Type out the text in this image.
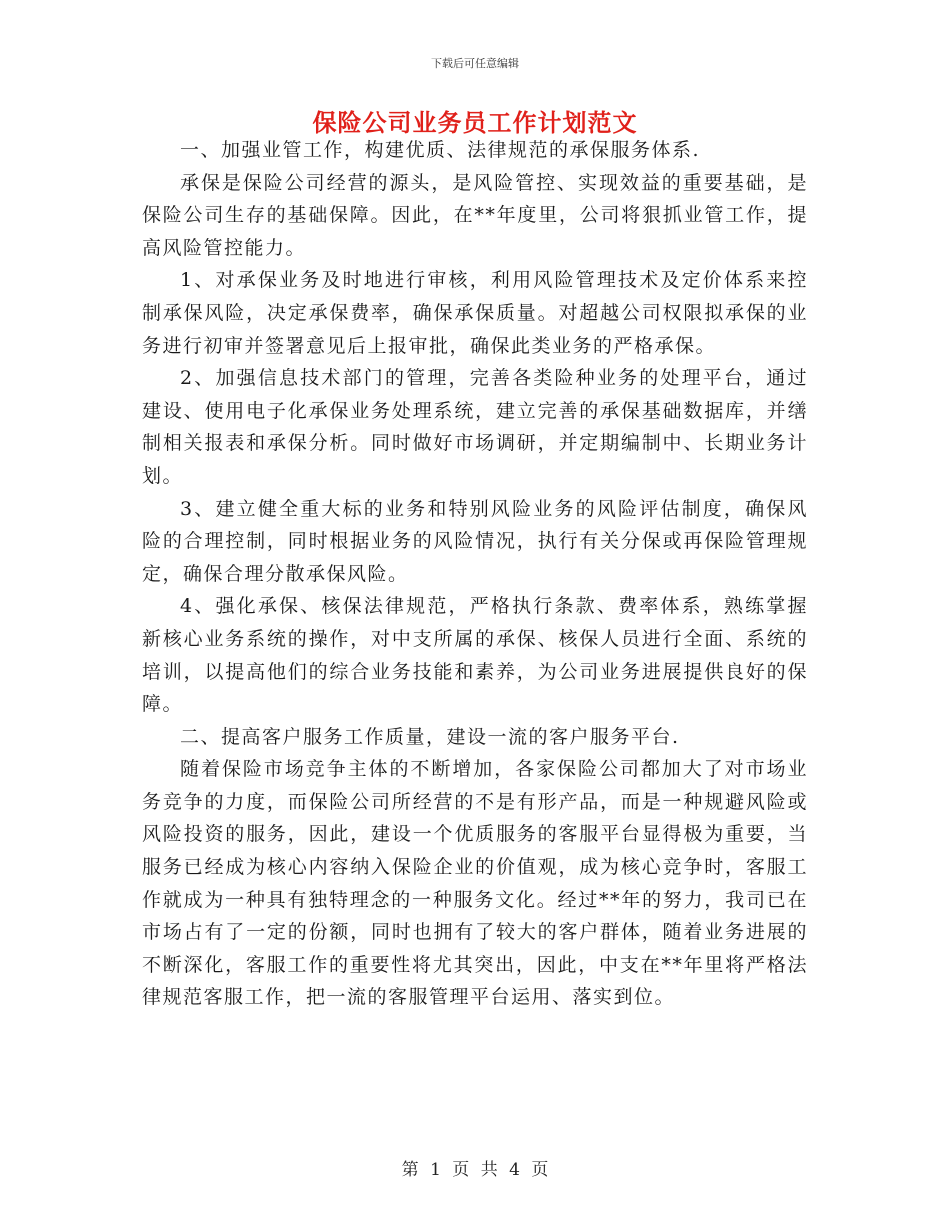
下载后可任意编辑
保险公司业务员工作计划范文

一、加强业管工作，构建优质、法律规范的承保服务体系.

承保是保险公司经营的源头，是风险管控、实现效益的重要基础，是保险公司生存的基础保障。因此，在**年度里，公司将狠抓业管工作，提高风险管控能力。

1、对承保业务及时地进行审核，利用风险管理技术及定价体系来控制承保风险，决定承保费率，确保承保质量。对超越公司权限拟承保的业务进行初审并签署意见后上报审批，确保此类业务的严格承保。

2、加强信息技术部门的管理，完善各类险种业务的处理平台，通过建设、使用电子化承保业务处理系统，建立完善的承保基础数据库，并缮制相关报表和承保分析。同时做好市场调研，并定期编制中、长期业务计划。

3、建立健全重大标的业务和特别风险业务的风险评估制度，确保风险的合理控制，同时根据业务的风险情况，执行有关分保或再保险管理规定，确保合理分散承保风险。

4、强化承保、核保法律规范，严格执行条款、费率体系，熟练掌握新核心业务系统的操作，对中支所属的承保、核保人员进行全面、系统的培训，以提高他们的综合业务技能和素养，为公司业务进展提供良好的保障。

二、提高客户服务工作质量，建设一流的客户服务平台.

随着保险市场竞争主体的不断增加，各家保险公司都加大了对市场业务竞争的力度，而保险公司所经营的不是有形产品，而是一种规避风险或风险投资的服务，因此，建设一个优质服务的客服平台显得极为重要，当服务已经成为核心内容纳入保险企业的价值观，成为核心竞争时，客服工作就成为一种具有独特理念的一种服务文化。经过**年的努力，我司已在市场占有了一定的份额，同时也拥有了较大的客户群体，随着业务进展的不断深化，客服工作的重要性将尤其突出，因此，中支在**年里将严格法律规范客服工作，把一流的客服管理平台运用、落实到位。

第 1 页 共 4 页
